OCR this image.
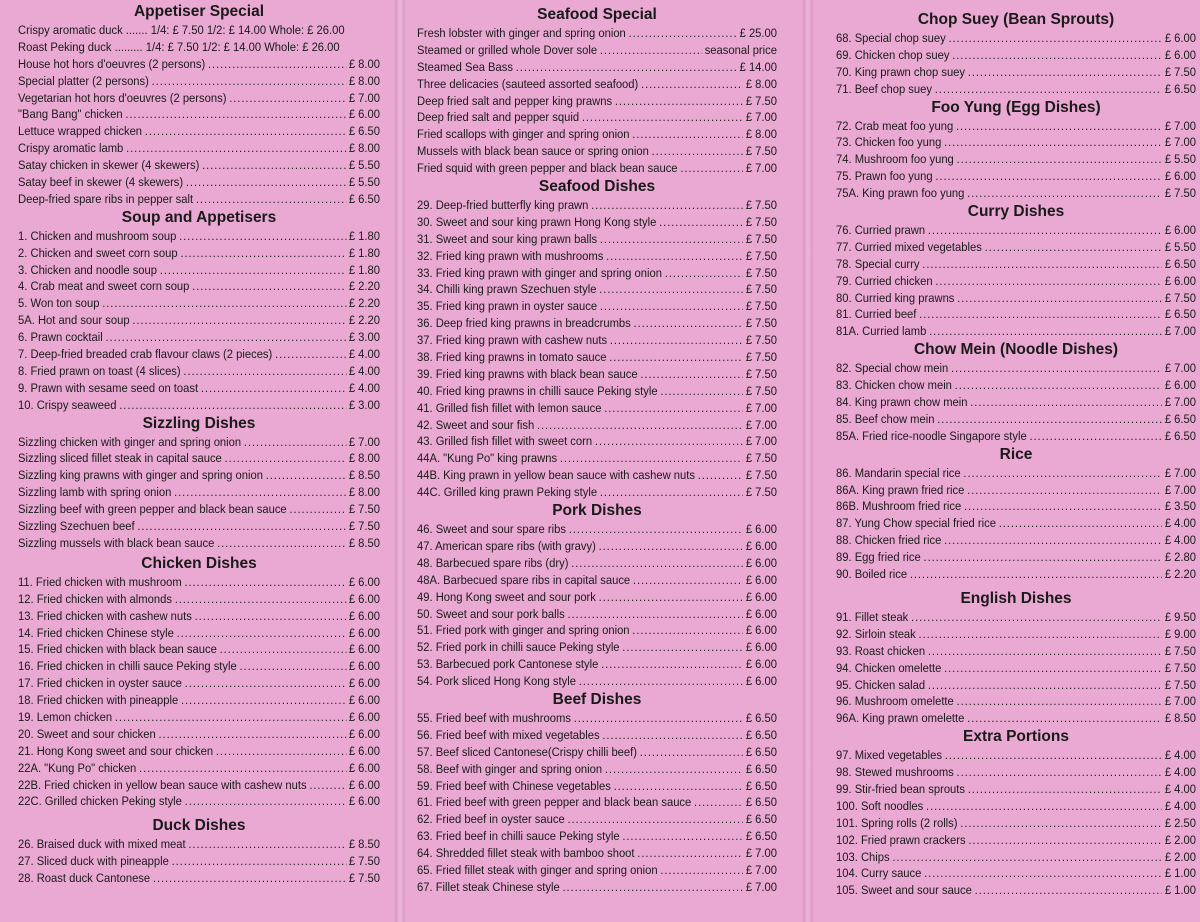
Appetiser Special
Crispy aromatic duck ....... 1/4: £ 7.50 1/2: £ 14.00 Whole: £ 26.00
Roast Peking duck ......... 1/4: £ 7.50 1/2: £ 14.00 Whole: £ 26.00
House hot hors d'oeuvres (2 persons) .....	£ 8.00
Special platter (2 persons) .....	£ 8.00
Vegetarian hot hors d'oeuvres (2 persons) .....	£ 7.00
"Bang Bang" chicken .....	£ 6.00
Lettuce wrapped chicken .....	£ 6.50
Crispy aromatic lamb .....	£ 8.00
Satay chicken in skewer (4 skewers) .....	£ 5.50
Satay beef in skewer (4 skewers) .....	£ 5.50
Deep-fried spare ribs in pepper salt .....	£ 6.50
Soup and Appetisers
1. Chicken and mushroom soup .....	£ 1.80
2. Chicken and sweet corn soup .....	£ 1.80
3. Chicken and noodle soup .....	£ 1.80
4. Crab meat and sweet corn soup .....	£ 2.20
5. Won ton soup .....	£ 2.20
5A. Hot and sour soup .....	£ 2.20
6. Prawn cocktail .....	£ 3.00
7. Deep-fried breaded crab flavour claws (2 pieces) .....	£ 4.00
8. Fried prawn on toast (4 slices) .....	£ 4.00
9. Prawn with sesame seed on toast .....	£ 4.00
10. Crispy seaweed .....	£ 3.00
Sizzling Dishes
Sizzling chicken with ginger and spring onion .....	£ 7.00
Sizzling sliced fillet steak in capital sauce .....	£ 8.00
Sizzling king prawns with ginger and spring onion .....	£ 8.50
Sizzling lamb with spring onion .....	£ 8.00
Sizzling beef with green pepper and black bean sauce .....	£ 7.50
Sizzling Szechuen beef .....	£ 7.50
Sizzling mussels with black bean sauce .....	£ 8.50
Chicken Dishes
11. Fried chicken with mushroom .....	£ 6.00
12. Fried chicken with almonds .....	£ 6.00
13. Fried chicken with cashew nuts .....	£ 6.00
14. Fried chicken Chinese style .....	£ 6.00
15. Fried chicken with black bean sauce .....	£ 6.00
16. Fried chicken in chilli sauce Peking style .....	£ 6.00
17. Fried chicken in oyster sauce .....	£ 6.00
18. Fried chicken with pineapple .....	£ 6.00
19. Lemon chicken .....	£ 6.00
20. Sweet and sour chicken .....	£ 6.00
21. Hong Kong sweet and sour chicken .....	£ 6.00
22A. "Kung Po" chicken .....	£ 6.00
22B. Fried chicken in yellow bean sauce with cashew nuts .....	£ 6.00
22C. Grilled chicken Peking style .....	£ 6.00
Duck Dishes
26. Braised duck with mixed meat .....	£ 8.50
27. Sliced duck with pineapple .....	£ 7.50
28. Roast duck Cantonese .....	£ 7.50
Seafood Special
Fresh lobster with ginger and spring onion .....	£ 25.00
Steamed or grilled whole Dover sole .....	seasonal price
Steamed Sea Bass .....	£ 14.00
Three delicacies (sauteed assorted seafood) .....	£ 8.00
Deep fried salt and pepper king prawns .....	£ 7.50
Deep fried salt and pepper squid .....	£ 7.00
Fried scallops with ginger and spring onion .....	£ 8.00
Mussels with black bean sauce or spring onion .....	£ 7.50
Fried squid with green pepper and black bean sauce .....	£ 7.00
Seafood Dishes
29. Deep-fried butterfly king prawn .....	£ 7.50
30. Sweet and sour king prawn Hong Kong style .....	£ 7.50
31. Sweet and sour king prawn balls .....	£ 7.50
32. Fried king prawn with mushrooms .....	£ 7.50
33. Fried king prawn with ginger and spring onion .....	£ 7.50
34. Chilli king prawn Szechuen style .....	£ 7.50
35. Fried king prawn in oyster sauce .....	£ 7.50
36. Deep fried king prawns in breadcrumbs .....	£ 7.50
37. Fried king prawn with cashew nuts .....	£ 7.50
38. Fried king prawns in tomato sauce .....	£ 7.50
39. Fried king prawns with black bean sauce .....	£ 7.50
40. Fried king prawns in chilli sauce Peking style .....	£ 7.50
41. Grilled fish fillet with lemon sauce .....	£ 7.00
42. Sweet and sour fish .....	£ 7.00
43. Grilled fish fillet with sweet corn .....	£ 7.00
44A. "Kung Po" king prawns .....	£ 7.50
44B. King prawn in yellow bean sauce with cashew nuts .....	£ 7.50
44C. Grilled king prawn Peking style .....	£ 7.50
Pork Dishes
46. Sweet and sour spare ribs .....	£ 6.00
47. American spare ribs (with gravy) .....	£ 6.00
48. Barbecued spare ribs (dry) .....	£ 6.00
48A. Barbecued spare ribs in capital sauce .....	£ 6.00
49. Hong Kong sweet and sour pork .....	£ 6.00
50. Sweet and sour pork balls .....	£ 6.00
51. Fried pork with ginger and spring onion .....	£ 6.00
52. Fried pork in chilli sauce Peking style .....	£ 6.00
53. Barbecued pork Cantonese style .....	£ 6.00
54. Pork sliced Hong Kong style .....	£ 6.00
Beef Dishes
55. Fried beef with mushrooms .....	£ 6.50
56. Fried beef with mixed vegetables .....	£ 6.50
57. Beef sliced Cantonese(Crispy chilli beef) .....	£ 6.50
58. Beef with ginger and spring onion .....	£ 6.50
59. Fried beef with Chinese vegetables .....	£ 6.50
61. Fried beef with green pepper and black bean sauce .....	£ 6.50
62. Fried beef in oyster sauce .....	£ 6.50
63. Fried beef in chilli sauce Peking style .....	£ 6.50
64. Shredded fillet steak with bamboo shoot .....	£ 7.00
65. Fried fillet steak with ginger and spring onion .....	£ 7.00
67. Fillet steak Chinese style .....	£ 7.00
Chop Suey (Bean Sprouts)
68. Special chop suey .....	£ 6.00
69. Chicken chop suey .....	£ 6.00
70. King prawn chop suey .....	£ 7.50
71. Beef chop suey .....	£ 6.50
Foo Yung (Egg Dishes)
72. Crab meat foo yung .....	£ 7.00
73. Chicken foo yung .....	£ 7.00
74. Mushroom foo yung .....	£ 5.50
75. Prawn foo yung .....	£ 6.00
75A. King prawn foo yung .....	£ 7.50
Curry Dishes
76. Curried prawn .....	£ 6.00
77. Curried mixed vegetables .....	£ 5.50
78. Special curry .....	£ 6.50
79. Curried chicken .....	£ 6.00
80. Curried king prawns .....	£ 7.50
81. Curried beef .....	£ 6.50
81A. Curried lamb .....	£ 7.00
Chow Mein (Noodle Dishes)
82. Special chow mein .....	£ 7.00
83. Chicken chow mein .....	£ 6.00
84. King prawn chow mein .....	£ 7.00
85. Beef chow mein .....	£ 6.50
85A. Fried rice-noodle Singapore style .....	£ 6.50
Rice
86. Mandarin special rice .....	£ 7.00
86A. King prawn fried rice .....	£ 7.00
86B. Mushroom fried rice .....	£ 3.50
87. Yung Chow special fried rice .....	£ 4.00
88. Chicken fried rice .....	£ 4.00
89. Egg fried rice .....	£ 2.80
90. Boiled rice .....	£ 2.20
English Dishes
91. Fillet steak .....	£ 9.50
92. Sirloin steak .....	£ 9.00
93. Roast chicken .....	£ 7.50
94. Chicken omelette .....	£ 7.50
95. Chicken salad .....	£ 7.50
96. Mushroom omelette .....	£ 7.00
96A. King prawn omelette .....	£ 8.50
Extra Portions
97. Mixed vegetables .....	£ 4.00
98. Stewed mushrooms .....	£ 4.00
99. Stir-fried bean sprouts .....	£ 4.00
100. Soft noodles .....	£ 4.00
101. Spring rolls (2 rolls) .....	£ 2.50
102. Fried prawn crackers .....	£ 2.00
103. Chips .....	£ 2.00
104. Curry sauce .....	£ 1.00
105. Sweet and sour sauce .....	£ 1.00
